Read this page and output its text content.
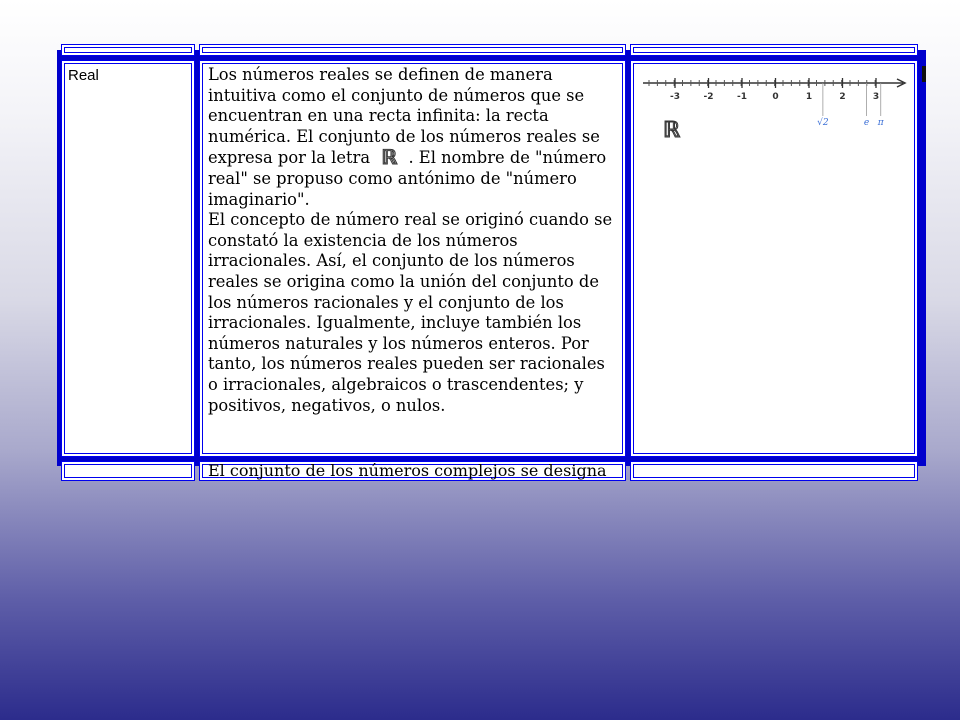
Real	Los números reales se definen de manera intuitiva como el conjunto de números que se encuentran en una recta infinita: la recta numérica. El conjunto de los números reales se expresa por la letra ℝ . El nombre de "número real" se propuso como antónimo de "número imaginario".

El concepto de número real se originó cuando se constató la existencia de los números irracionales. Así, el conjunto de los números reales se origina como la unión del conjunto de los números racionales y el conjunto de los irracionales. Igualmente, incluye también los números naturales y los números enteros. Por tanto, los números reales pueden ser racionales o irracionales, algebraicos o trascendentes; y positivos, negativos, o nulos.

-3	-2	-1	0	1	2	3
√2	e π
ℝ
El conjunto de los números complejos se designa
